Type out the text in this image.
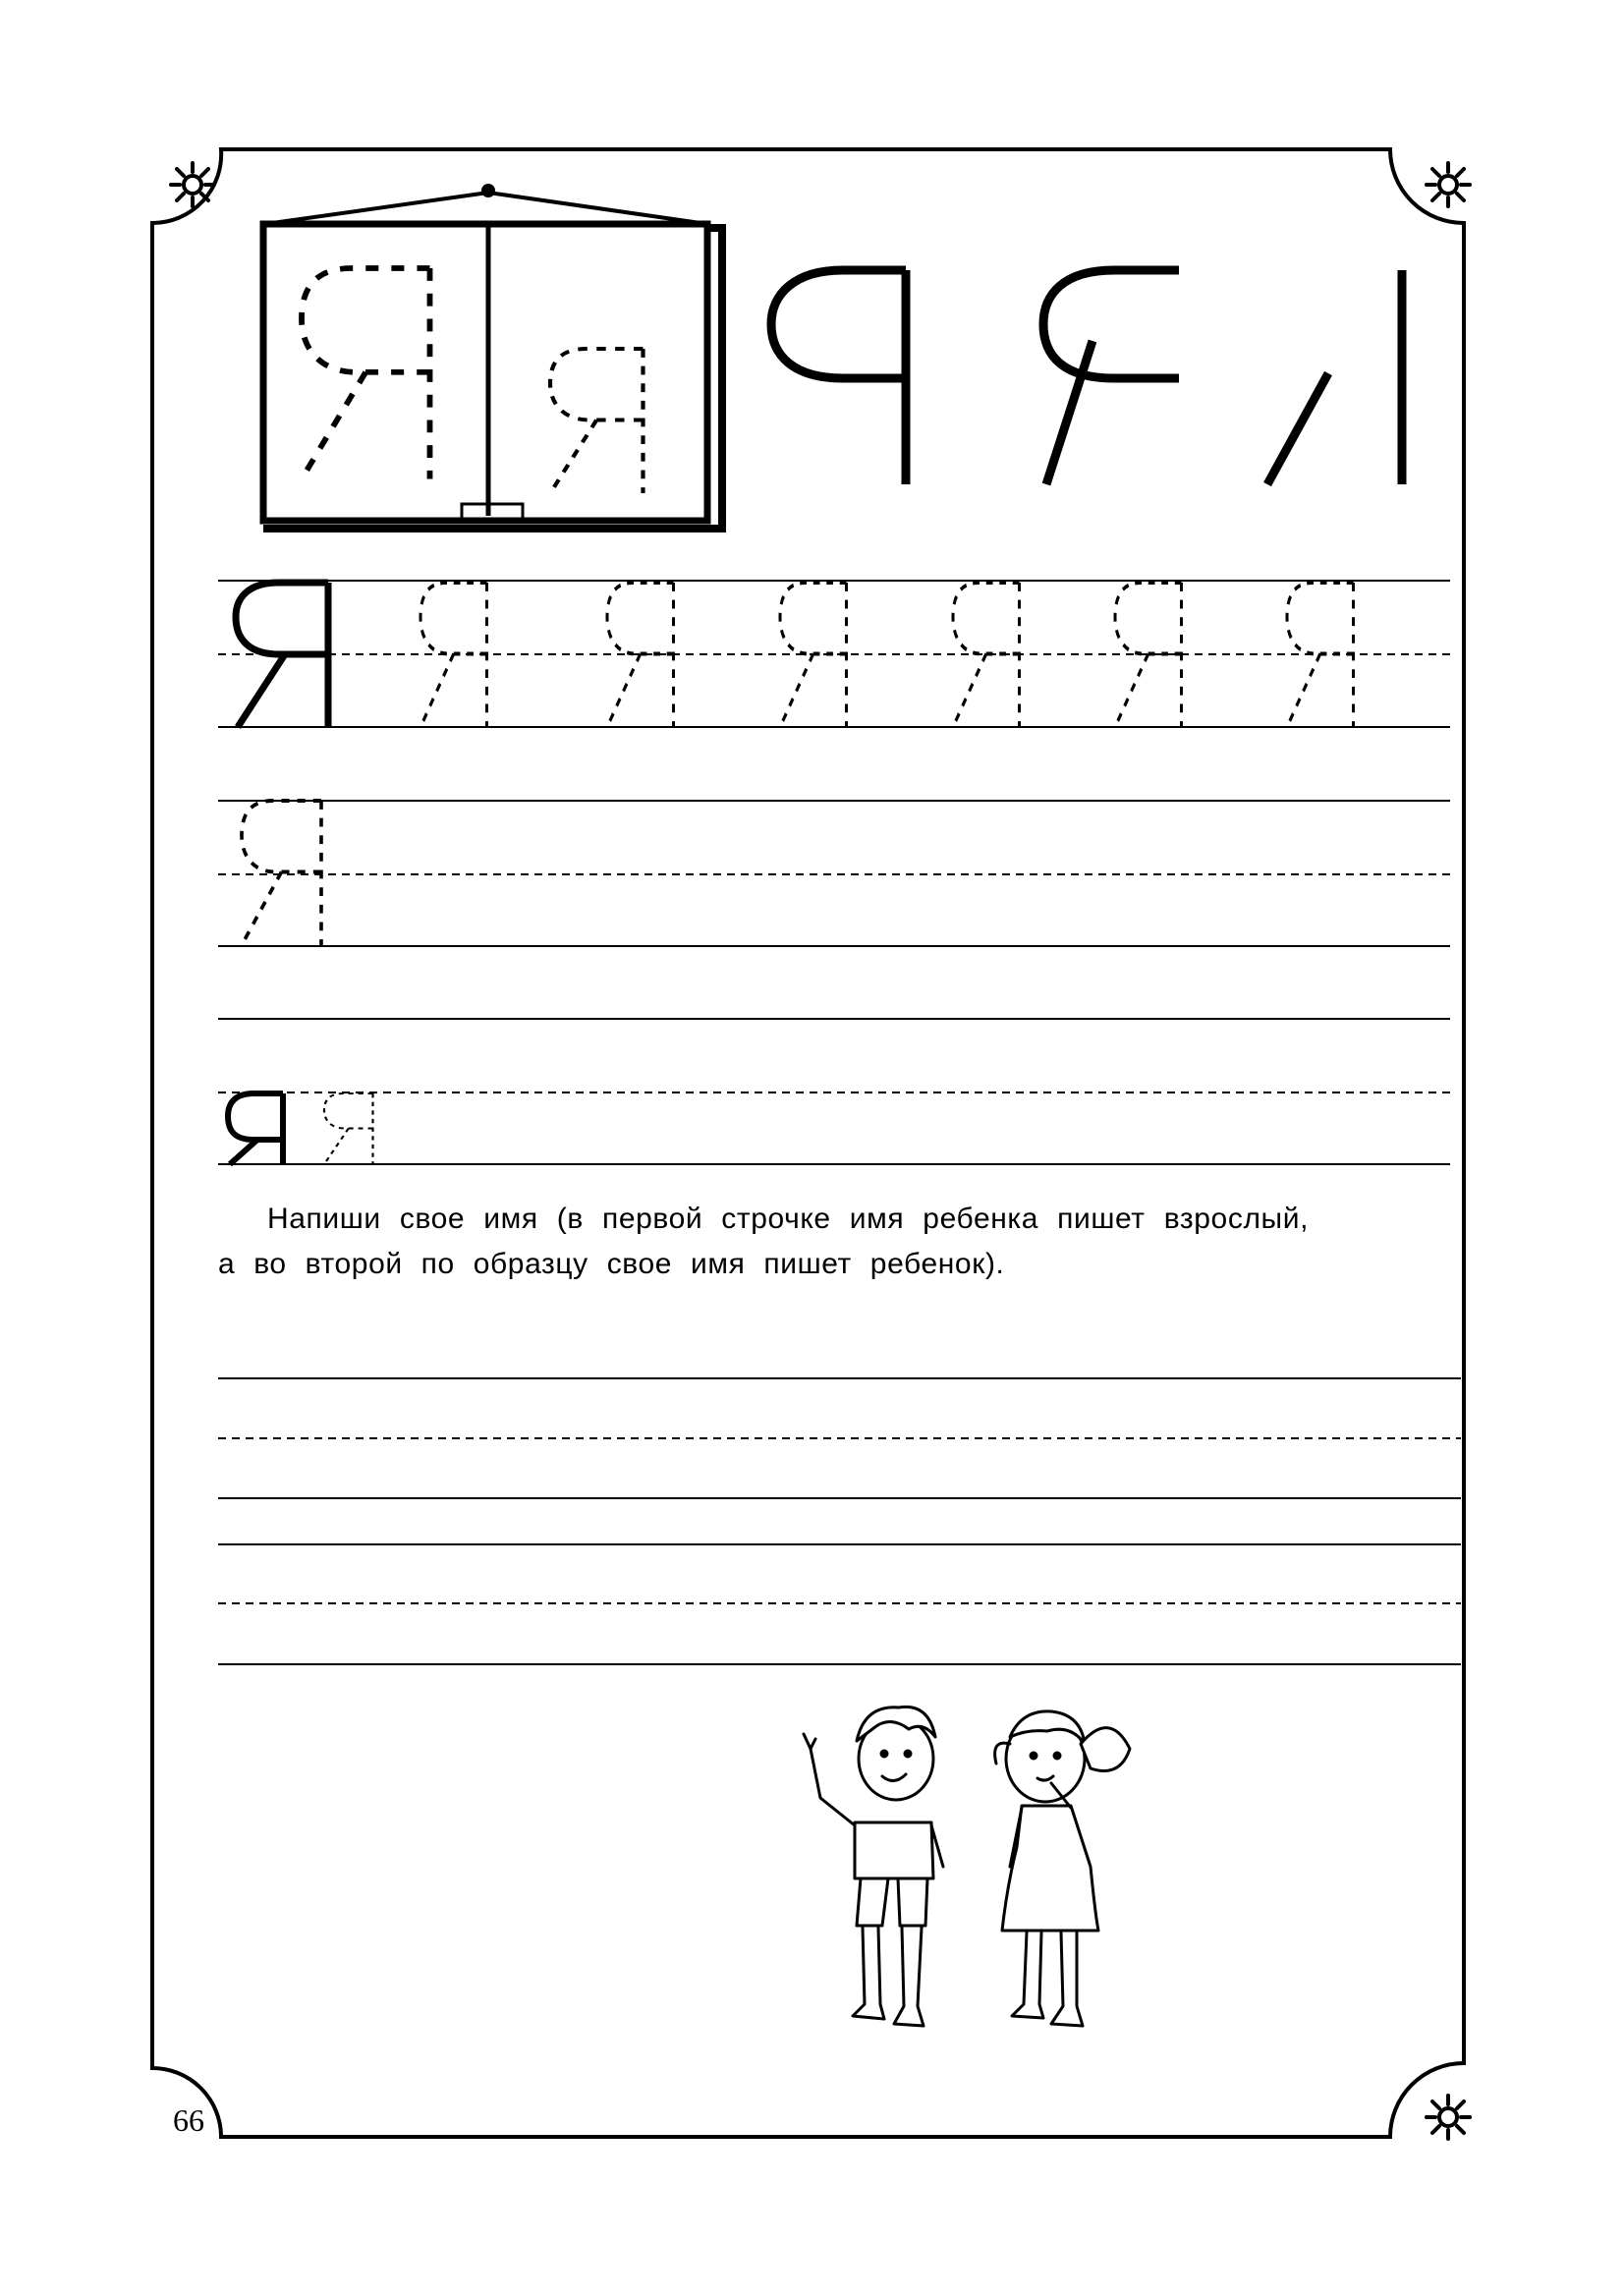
Напиши свое имя (в первой строчке имя ребенка пишет взрослый, а во второй по образцу свое имя пишет ребенок).

66
